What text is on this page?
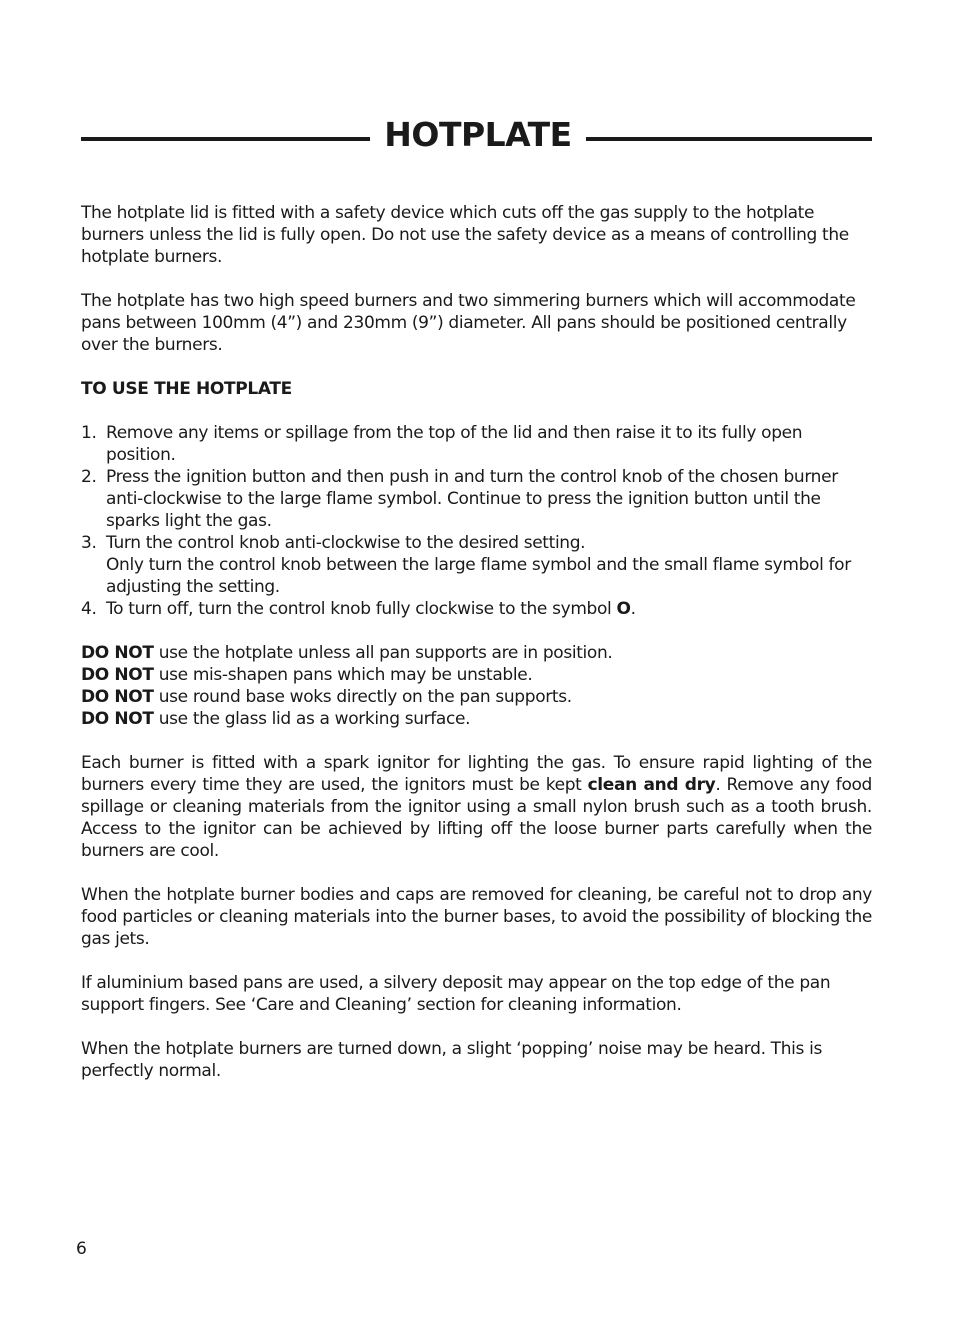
HOTPLATE

The hotplate lid is fitted with a safety device which cuts off the gas supply to the hotplate burners unless the lid is fully open. Do not use the safety device as a means of controlling the hotplate burners.

The hotplate has two high speed burners and two simmering burners which will accommodate pans between 100mm (4”) and 230mm (9”) diameter. All pans should be positioned centrally over the burners.

TO USE THE HOTPLATE
1. Remove any items or spillage from the top of the lid and then raise it to its fully open position.
2. Press the ignition button and then push in and turn the control knob of the chosen burner anti-clockwise to the large flame symbol. Continue to press the ignition button until the sparks light the gas.
3. Turn the control knob anti-clockwise to the desired setting.
Only turn the control knob between the large flame symbol and the small flame symbol for adjusting the setting.
4. To turn off, turn the control knob fully clockwise to the symbol O.
DO NOT use the hotplate unless all pan supports are in position.
DO NOT use mis-shapen pans which may be unstable.
DO NOT use round base woks directly on the pan supports.
DO NOT use the glass lid as a working surface.

Each burner is fitted with a spark ignitor for lighting the gas. To ensure rapid lighting of the burners every time they are used, the ignitors must be kept clean and dry. Remove any food spillage or cleaning materials from the ignitor using a small nylon brush such as a tooth brush. Access to the ignitor can be achieved by lifting off the loose burner parts carefully when the burners are cool.

When the hotplate burner bodies and caps are removed for cleaning, be careful not to drop any food particles or cleaning materials into the burner bases, to avoid the possibility of blocking the gas jets.

If aluminium based pans are used, a silvery deposit may appear on the top edge of the pan support fingers. See ‘Care and Cleaning’ section for cleaning information.

When the hotplate burners are turned down, a slight ‘popping’ noise may be heard. This is perfectly normal.

6
